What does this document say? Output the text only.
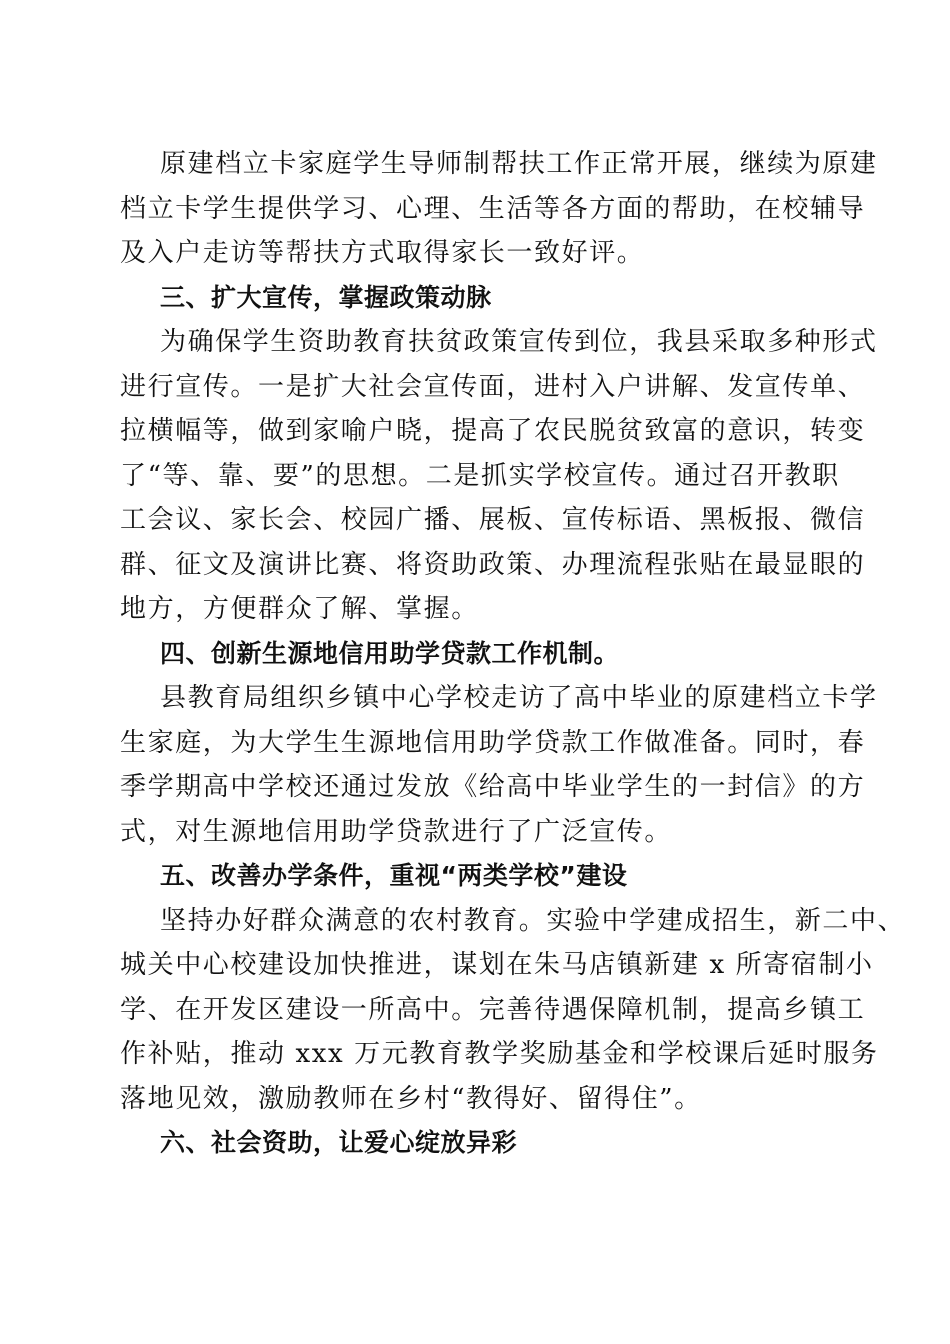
原建档立卡家庭学生导师制帮扶工作正常开展，继续为原建
档立卡学生提供学习、心理、生活等各方面的帮助，在校辅导
及入户走访等帮扶方式取得家长一致好评。
三、扩大宣传，掌握政策动脉
为确保学生资助教育扶贫政策宣传到位，我县采取多种形式
进行宣传。一是扩大社会宣传面，进村入户讲解、发宣传单、
拉横幅等，做到家喻户晓，提高了农民脱贫致富的意识，转变
了“等、靠、要”的思想。二是抓实学校宣传。通过召开教职
工会议、家长会、校园广播、展板、宣传标语、黑板报、微信
群、征文及演讲比赛、将资助政策、办理流程张贴在最显眼的
地方，方便群众了解、掌握。
四、创新生源地信用助学贷款工作机制。
县教育局组织乡镇中心学校走访了高中毕业的原建档立卡学
生家庭，为大学生生源地信用助学贷款工作做准备。同时，春
季学期高中学校还通过发放《给高中毕业学生的一封信》的方
式，对生源地信用助学贷款进行了广泛宣传。
五、改善办学条件，重视“两类学校”建设
坚持办好群众满意的农村教育。实验中学建成招生，新二中、
城关中心校建设加快推进，谋划在朱马店镇新建 x 所寄宿制小
学、在开发区建设一所高中。完善待遇保障机制，提高乡镇工
作补贴，推动 xxx 万元教育教学奖励基金和学校课后延时服务
落地见效，激励教师在乡村“教得好、留得住”。
六、社会资助，让爱心绽放异彩
